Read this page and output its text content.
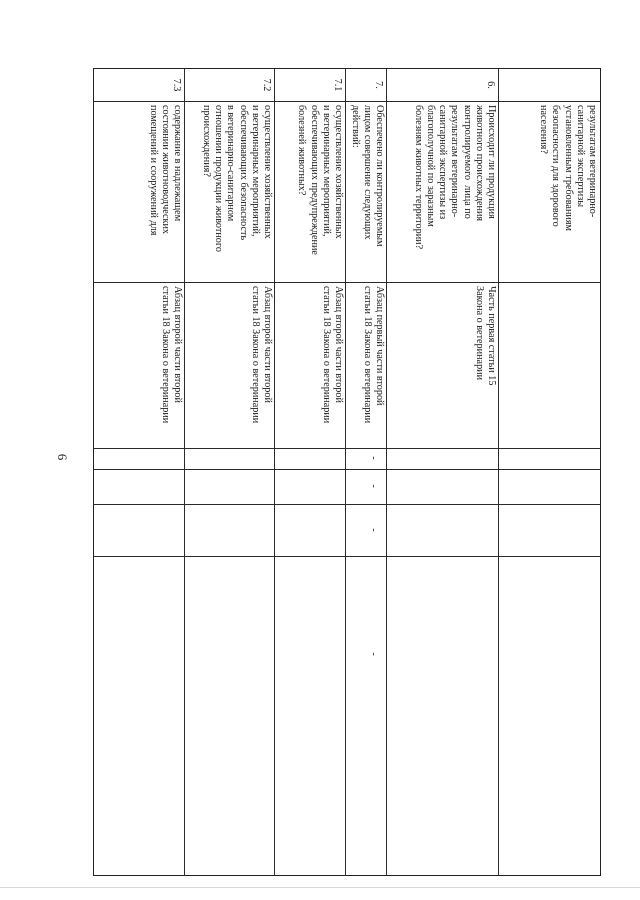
6
результатам ветеринарно-
санитарной экспертизы
установленным требованиям
безопасности для здорового
населения?
6.
Происходит ли продукция
животного происхождения
контролируемого  лица по
результатам ветеринарно-
санитарной экспертизы из
благополучной по заразным
болезням животных территории?
Часть первая статьи 15
Закона о ветеринарии
7.
Обеспечено ли контролируемым
лицом совершение следующих
действий:
Абзац первый части второй
статьи 18 Закона о ветеринарии
-
-
-
-
7.1
осуществление хозяйственных
и ветеринарных мероприятий,
обеспечивающих предупреждение
болезней животных?
Абзац второй части второй
статьи 18 Закона о ветеринарии
7.2
осуществление хозяйственных
и ветеринарных мероприятий,
обеспечивающих безопасность
в ветеринарно-санитарном
отношении продукции животного
происхождения?
Абзац второй части второй
статьи 18 Закона о ветеринарии
7.3
содержание в надлежащем
состоянии животноводческих
помещений и сооружений для
Абзац второй части второй
статьи 18 Закона о ветеринарии
